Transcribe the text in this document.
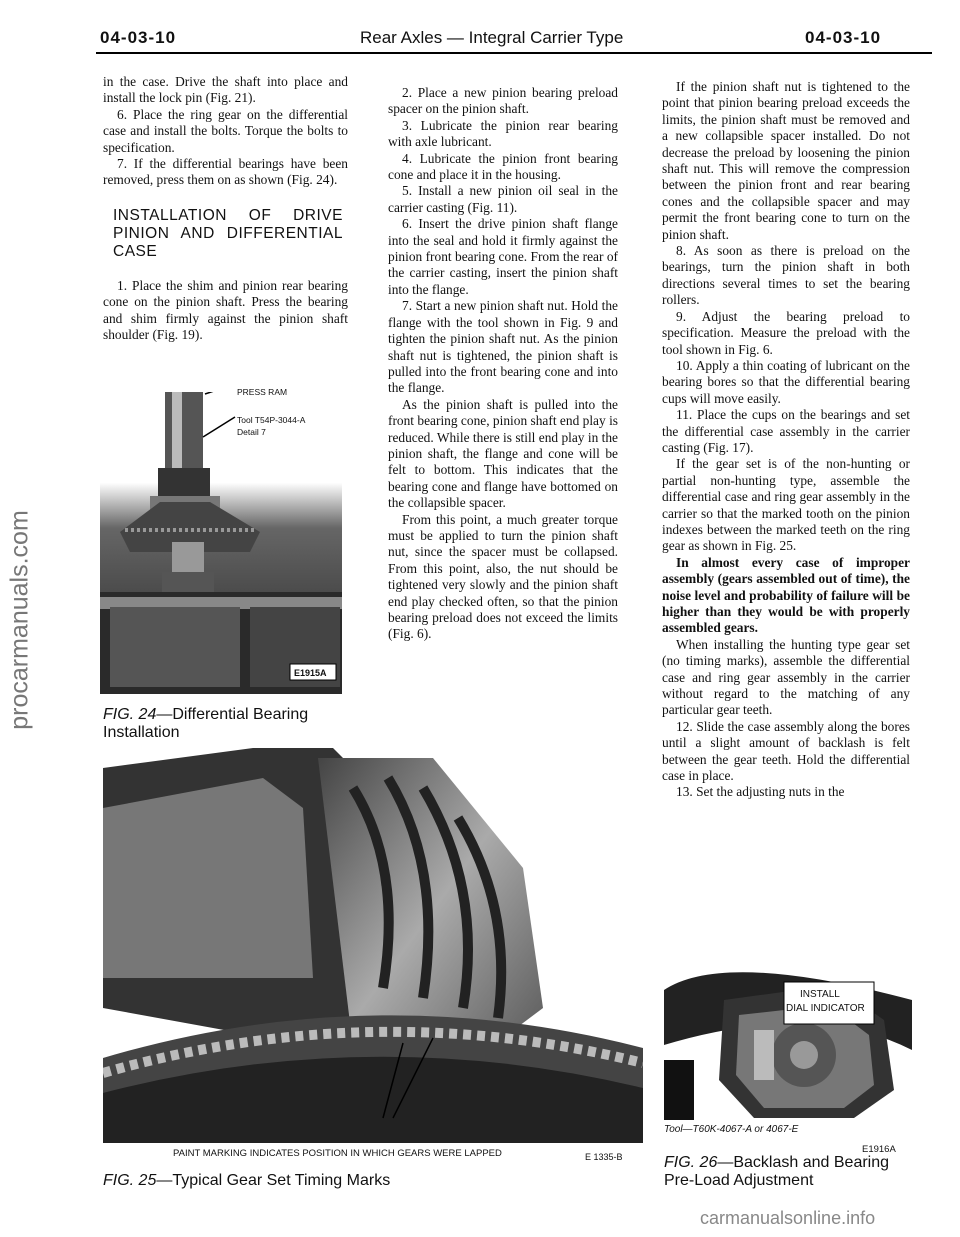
procarmanuals.com
04-03-10	Rear Axles — Integral Carrier Type	04-03-10

in the case. Drive the shaft into place and install the lock pin (Fig. 21).

6. Place the ring gear on the differential case and install the bolts. Torque the bolts to specification.

7. If the differential bearings have been removed, press them on as shown (Fig. 24).

INSTALLATION OF DRIVE PINION AND DIFFERENTIAL CASE

1. Place the shim and pinion rear bearing cone on the pinion shaft. Press the bearing and shim firmly against the pinion shaft shoulder (Fig. 19).

PRESS RAM
Tool T54P-3044-A
Detail 7
E1915A
FIG. 24—Differential Bearing Installation

2. Place a new pinion bearing preload spacer on the pinion shaft.

3. Lubricate the pinion rear bearing with axle lubricant.

4. Lubricate the pinion front bearing cone and place it in the housing.

5. Install a new pinion oil seal in the carrier casting (Fig. 11).

6. Insert the drive pinion shaft flange into the seal and hold it firmly against the pinion front bearing cone. From the rear of the carrier casting, insert the pinion shaft into the flange.

7. Start a new pinion shaft nut. Hold the flange with the tool shown in Fig. 9 and tighten the pinion shaft nut. As the pinion shaft nut is tightened, the pinion shaft is pulled into the front bearing cone and into the flange.

As the pinion shaft is pulled into the front bearing cone, pinion shaft end play is reduced. While there is still end play in the pinion shaft, the flange and cone will be felt to bottom. This indicates that the bearing cone and flange have bottomed on the collapsible spacer.

From this point, a much greater torque must be applied to turn the pinion shaft nut, since the spacer must be collapsed. From this point, also, the nut should be tightened very slowly and the pinion shaft end play checked often, so that the pinion bearing preload does not exceed the limits (Fig. 6).

If the pinion shaft nut is tightened to the point that pinion bearing preload exceeds the limits, the pinion shaft must be removed and a new collapsible spacer installed. Do not decrease the preload by loosening the pinion shaft nut. This will remove the compression between the pinion front and rear bearing cones and the collapsible spacer and may permit the front bearing cone to turn on the pinion shaft.

8. As soon as there is preload on the bearings, turn the pinion shaft in both directions several times to set the bearing rollers.

9. Adjust the bearing preload to specification. Measure the preload with the tool shown in Fig. 6.

10. Apply a thin coating of lubricant on the bearing bores so that the differential bearing cups will move easily.

11. Place the cups on the bearings and set the differential case assembly in the carrier casting (Fig. 17).

If the gear set is of the non-hunting or partial non-hunting type, assemble the differential case and ring gear assembly in the carrier so that the marked tooth on the pinion indexes between the marked teeth on the ring gear as shown in Fig. 25.

In almost every case of improper assembly (gears assembled out of time), the noise level and probability of failure will be higher than they would be with properly assembled gears.

When installing the hunting type gear set (no timing marks), assemble the differential case and ring gear assembly in the carrier without regard to the matching of any particular gear teeth.

12. Slide the case assembly along the bores until a slight amount of backlash is felt between the gear teeth. Hold the differential case in place.

13. Set the adjusting nuts in the

PAINT MARKING INDICATES POSITION IN WHICH GEARS WERE LAPPED	E 1335-B
FIG. 25—Typical Gear Set Timing Marks
INSTALL
DIAL INDICATOR
Tool—T60K-4067-A or 4067-E
E1916A
FIG. 26—Backlash and Bearing Pre-Load Adjustment
carmanualsonline.info
